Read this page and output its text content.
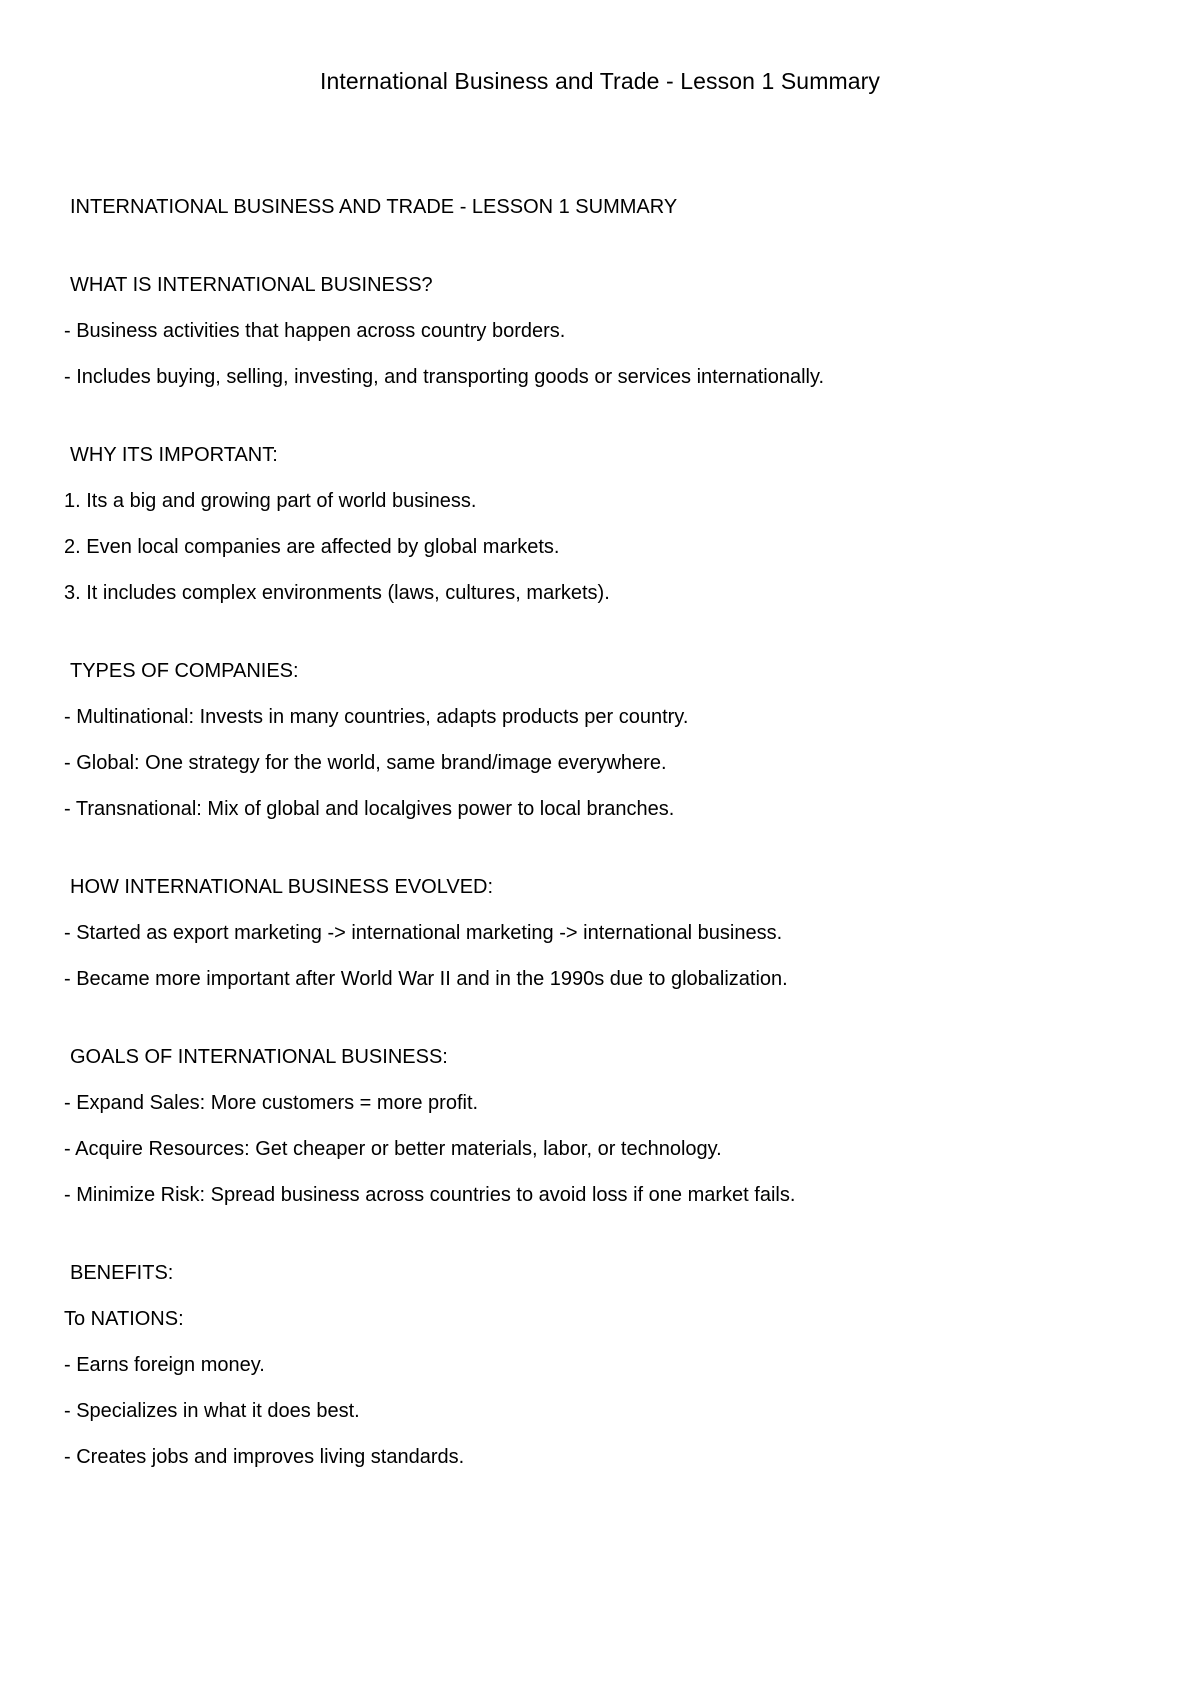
International Business and Trade - Lesson 1 Summary
INTERNATIONAL BUSINESS AND TRADE - LESSON 1 SUMMARY
WHAT IS INTERNATIONAL BUSINESS?
- Business activities that happen across country borders.
- Includes buying, selling, investing, and transporting goods or services internationally.
WHY ITS IMPORTANT:
1. Its a big and growing part of world business.
2. Even local companies are affected by global markets.
3. It includes complex environments (laws, cultures, markets).
TYPES OF COMPANIES:
- Multinational: Invests in many countries, adapts products per country.
- Global: One strategy for the world, same brand/image everywhere.
- Transnational: Mix of global and localgives power to local branches.
HOW INTERNATIONAL BUSINESS EVOLVED:
- Started as export marketing -> international marketing -> international business.
- Became more important after World War II and in the 1990s due to globalization.
GOALS OF INTERNATIONAL BUSINESS:
- Expand Sales: More customers = more profit.
- Acquire Resources: Get cheaper or better materials, labor, or technology.
- Minimize Risk: Spread business across countries to avoid loss if one market fails.
BENEFITS:
To NATIONS:
- Earns foreign money.
- Specializes in what it does best.
- Creates jobs and improves living standards.
